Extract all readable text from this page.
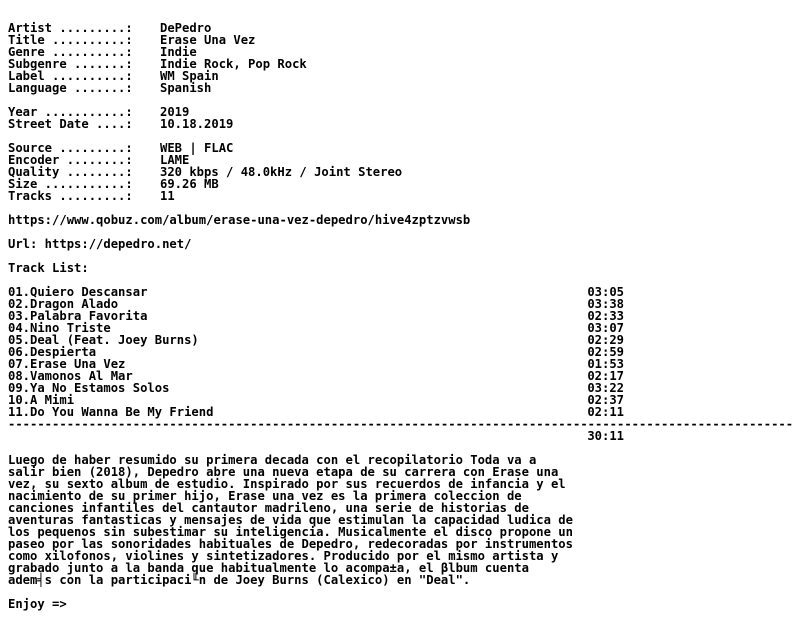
Artist .........:	DePedro
Title ..........:	Erase Una Vez
Genre ..........:	Indie
Subgenre .......:	Indie Rock, Pop Rock
Label ..........:	WM Spain
Language .......:	Spanish
Year ...........:	2019
Street Date ....:	10.18.2019
Source .........:	WEB | FLAC
Encoder ........:	LAME
Quality ........:	320 kbps / 48.0kHz / Joint Stereo
Size ...........:	69.26 MB
Tracks .........:	11
https://www.qobuz.com/album/erase-una-vez-depedro/hive4zptzvwsb
Url: https://depedro.net/
Track List:
01.Quiero Descansar	03:05
02.Dragon Alado	03:38
03.Palabra Favorita	02:33
04.Nino Triste	03:07
05.Deal (Feat. Joey Burns)	02:29
06.Despierta	02:59
07.Erase Una Vez	01:53
08.Vamonos Al Mar	02:17
09.Ya No Estamos Solos	03:22
10.A Mimi	02:37
11.Do You Wanna Be My Friend	02:11
-----------------------------------------------------------------------------------------------------------
30:11
Luego de haber resumido su primera decada con el recopilatorio Toda va a
salir bien (2018), Depedro abre una nueva etapa de su carrera con Erase una
vez, su sexto album de estudio. Inspirado por sus recuerdos de infancia y el
nacimiento de su primer hijo, Erase una vez es la primera coleccion de
canciones infantiles del cantautor madrileno, una serie de historias de
aventuras fantasticas y mensajes de vida que estimulan la capacidad ludica de
los pequenos sin subestimar su inteligencia. Musicalmente el disco propone un
paseo por las sonoridades habituales de Depedro, redecoradas por instrumentos
como xilofonos, violines y sintetizadores. Producido por el mismo artista y
grabado junto a la banda que habitualmente lo acompa±a, el βlbum cuenta
adem╡s con la participaci╙n de Joey Burns (Calexico) en "Deal".
Enjoy =>
